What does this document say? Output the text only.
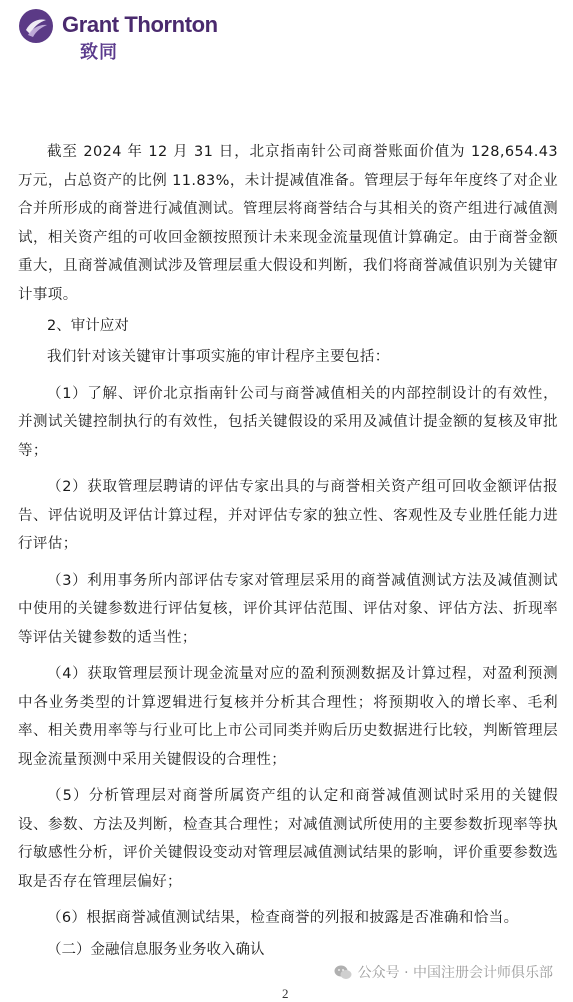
Grant Thornton
致同

截至 2024 年 12 月 31 日，北京指南针公司商誉账面价值为 128,654.43 万元，占总资产的比例 11.83%，未计提减值准备。管理层于每年年度终了对企业合并所形成的商誉进行减值测试。管理层将商誉结合与其相关的资产组进行减值测试，相关资产组的可收回金额按照预计未来现金流量现值计算确定。由于商誉金额重大，且商誉减值测试涉及管理层重大假设和判断，我们将商誉减值识别为关键审计事项。

2、审计应对

我们针对该关键审计事项实施的审计程序主要包括：

（1）了解、评价北京指南针公司与商誉减值相关的内部控制设计的有效性，并测试关键控制执行的有效性，包括关键假设的采用及减值计提金额的复核及审批等；

（2）获取管理层聘请的评估专家出具的与商誉相关资产组可回收金额评估报告、评估说明及评估计算过程，并对评估专家的独立性、客观性及专业胜任能力进行评估；

（3）利用事务所内部评估专家对管理层采用的商誉减值测试方法及减值测试中使用的关键参数进行评估复核，评价其评估范围、评估对象、评估方法、折现率等评估关键参数的适当性；

（4）获取管理层预计现金流量对应的盈利预测数据及计算过程，对盈利预测中各业务类型的计算逻辑进行复核并分析其合理性；将预期收入的增长率、毛利率、相关费用率等与行业可比上市公司同类并购后历史数据进行比较，判断管理层现金流量预测中采用关键假设的合理性；

（5）分析管理层对商誉所属资产组的认定和商誉减值测试时采用的关键假设、参数、方法及判断，检查其合理性；对减值测试所使用的主要参数折现率等执行敏感性分析，评价关键假设变动对管理层减值测试结果的影响，评价重要参数选取是否存在管理层偏好；

（6）根据商誉减值测试结果，检查商誉的列报和披露是否准确和恰当。

（二）金融信息服务业务收入确认

公众号 · 中国注册会计师俱乐部
2
